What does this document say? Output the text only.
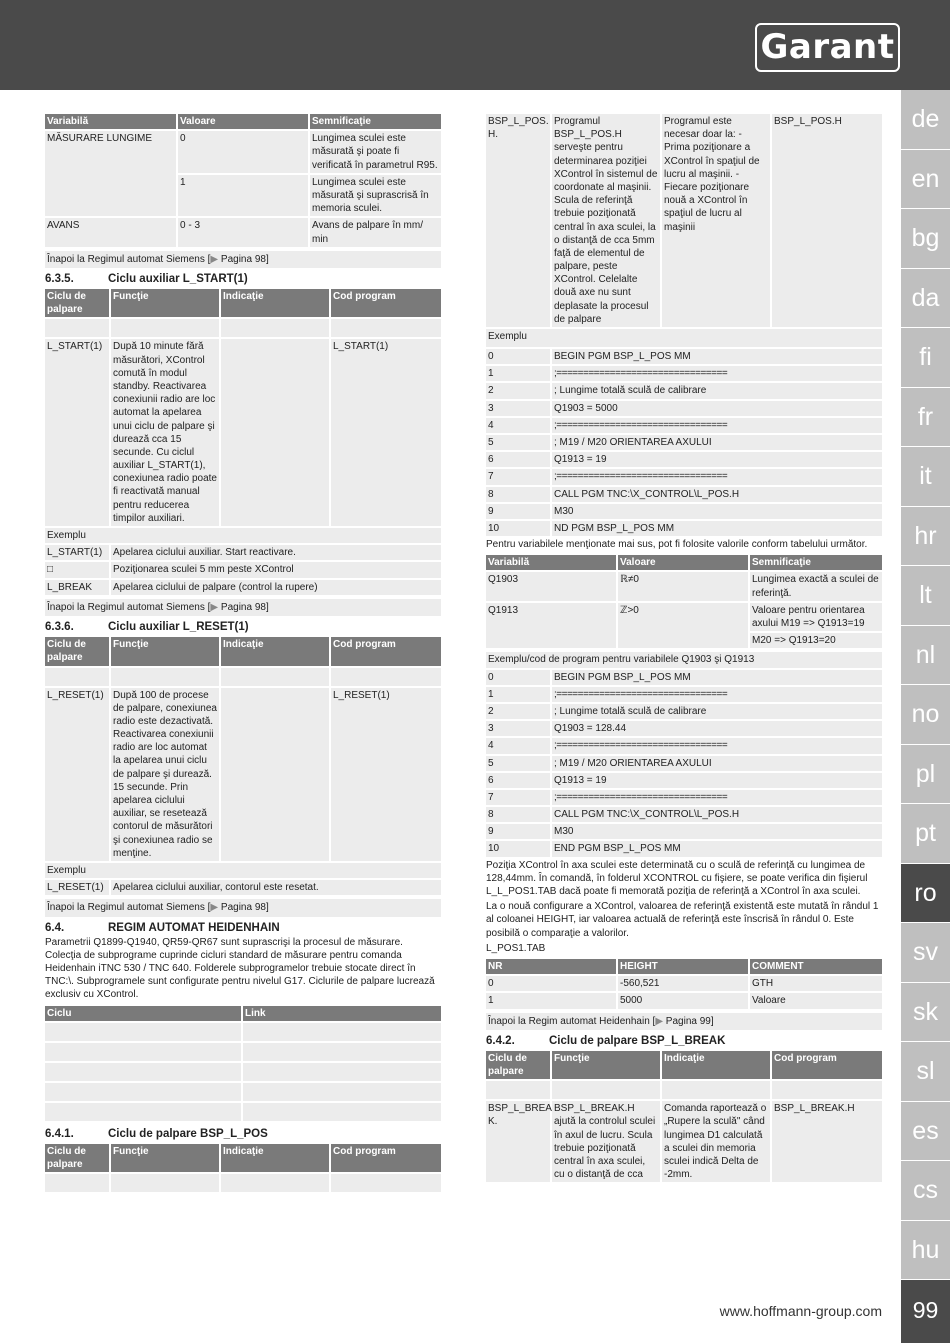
Garant
de
en
bg
da
fi
fr
it
hr
lt
nl
no
pl
pt
ro
sv
sk
sl
es
cs
hu
99
www.hoffmann-group.com
Variabilă	Valoare	Semnificaţie
MĂSURARE LUNGIME	0	Lungimea sculei este măsurată şi poate fi verificată în parametrul R95.
	1	Lungimea sculei este măsurată şi suprascrisă în memoria sculei.
AVANS	0 - 3	Avans de palpare în mm/ min
Înapoi la Regimul automat Siemens [▶ Pagina 98]
6.3.5.	Ciclu auxiliar L_START(1)
Ciclu de palpare	Funcţie	Indicaţie	Cod program

L_START(1)	După 10 minute fără măsurători, XControl comută în modul standby. Reactivarea conexiunii radio are loc automat la apelarea unui ciclu de palpare şi durează cca 15 secunde. Cu ciclul auxiliar L_START(1), conexiunea radio poate fi reactivată manual pentru reducerea timpilor auxiliari.		L_START(1)
Exemplu			
L_START(1)	Apelarea ciclului auxiliar. Start reactivare.		
□	Poziţionarea sculei 5 mm peste XControl		
L_BREAK	Apelarea ciclului de palpare (control la rupere)		
Înapoi la Regimul automat Siemens [▶ Pagina 98]
6.3.6.	Ciclu auxiliar L_RESET(1)
Ciclu de palpare	Funcţie	Indicaţie	Cod program

L_RESET(1)	După 100 de procese de palpare, conexiunea radio este dezactivată. Reactivarea conexiunii radio are loc automat la apelarea unui ciclu de palpare şi durează. 15 secunde. Prin apelarea ciclului auxiliar, se resetează contorul de măsurători şi conexiunea radio se menţine.		L_RESET(1)
Exemplu			
L_RESET(1)	Apelarea ciclului auxiliar, contorul este resetat.		
Înapoi la Regimul automat Siemens [▶ Pagina 98]
6.4.	REGIM AUTOMAT HEIDENHAIN
Parametrii Q1899-Q1940, QR59-QR67 sunt suprascrişi la procesul de măsurare. Colecţia de subprograme cuprinde cicluri standard de măsurare pentru comanda Heidenhain iTNC 530 / TNC 640. Folderele subprogramelor trebuie stocate direct în TNC:\. Subprogramele sunt configurate pentru nivelul G17. Ciclurile de palpare lucrează exclusiv cu XControl.
Ciclu	Link

6.4.1.	Ciclu de palpare BSP_L_POS
Ciclu de palpare	Funcţie	Indicaţie	Cod program

BSP_L_POS. H.	Programul BSP_L_POS.H serveşte pentru determinarea poziţiei XControl în sistemul de coordonate al maşinii. Scula de referinţă trebuie poziţionată central în axa sculei, la o distanţă de cca 5mm faţă de elementul de palpare, peste XControl. Celelalte două axe nu sunt deplasate la procesul de palpare	Programul este necesar doar la: - Prima poziţionare a XControl în spaţiul de lucru al maşinii. - Fiecare poziţionare nouă a XControl în spaţiul de lucru al maşinii	BSP_L_POS.H
Exemplu			
0	BEGIN PGM BSP_L_POS MM		
1	;================================		
2	; Lungime totală sculă de calibrare		
3	Q1903 = 5000		
4	;================================		
5	; M19 / M20 ORIENTAREA AXULUI		
6	Q1913 = 19		
7	;================================		
8	CALL PGM TNC:\X_CONTROL\L_POS.H		
9	M30		
10	ND PGM BSP_L_POS MM		
Pentru variabilele menţionate mai sus, pot fi folosite valorile conform tabelului următor.
Variabilă	Valoare	Semnificaţie
Q1903	ℝ≠0	Lungimea exactă a sculei de referinţă.
Q1913	ℤ>0	Valoare pentru orientarea axului M19 => Q1913=19
		M20 => Q1913=20
Exemplu/cod de program pentru variabilele Q1903 şi Q1913	
0	BEGIN PGM BSP_L_POS MM
1	;================================
2	; Lungime totală sculă de calibrare
3	Q1903 = 128.44
4	;================================
5	; M19 / M20 ORIENTAREA AXULUI
6	Q1913 = 19
7	;================================
8	CALL PGM TNC:\X_CONTROL\L_POS.H
9	M30
10	END PGM BSP_L_POS MM
Poziţia XControl în axa sculei este determinată cu o sculă de referinţă cu lungimea de 128,44mm. În comandă, în folderul XCONTROL cu fişiere, se poate verifica din fişierul L_L_POS1.TAB dacă poate fi memorată poziţia de referinţă a XControl în axa sculei.
La o nouă configurare a XControl, valoarea de referinţă existentă este mutată în rândul 1 al coloanei HEIGHT, iar valoarea actuală de referinţă este înscrisă în rândul 0. Este posibilă o comparaţie a valorilor.
L_POS1.TAB
NR	HEIGHT	COMMENT
0	-560,521	GTH
1	5000	Valoare
Înapoi la Regim automat Heidenhain [▶ Pagina 99]
6.4.2.	Ciclu de palpare BSP_L_BREAK
Ciclu de palpare	Funcţie	Indicaţie	Cod program

BSP_L_BREA K.	BSP_L_BREAK.H ajută la controlul sculei în axul de lucru. Scula trebuie poziţionată central în axa sculei, cu o distanţă de cca	Comanda raportează o „Rupere la sculă" când lungimea D1 calculată a sculei din memoria sculei indică Delta de -2mm.	BSP_L_BREAK.H
